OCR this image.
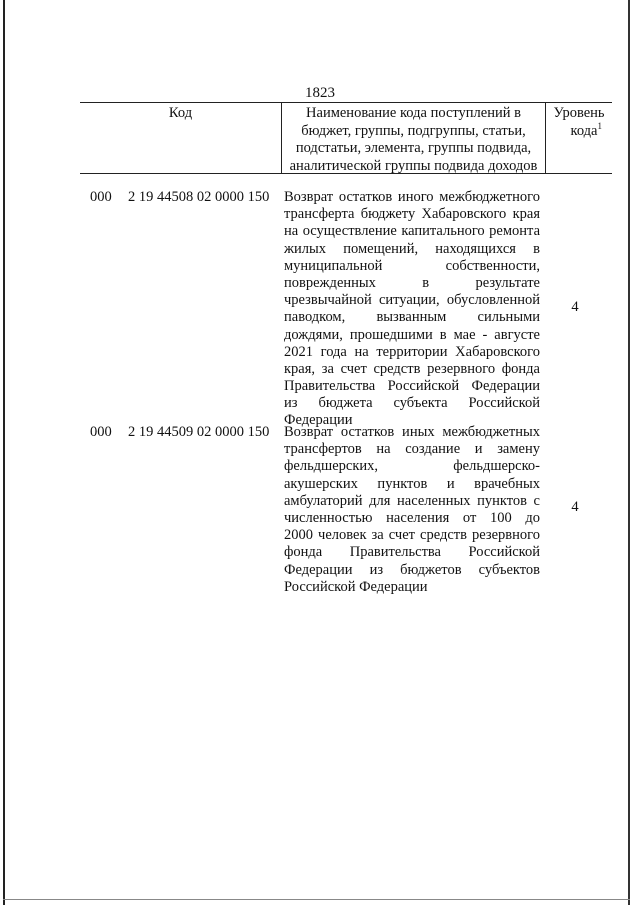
1823
Код	Наименование кода поступлений в

бюджет, группы, подгруппы, статьи,

подстатьи, элемента, группы подвида,

аналитической группы подвида доходов

Уровень

кода$^1$

000 2 19 44508 02 0000 150 Возврат остатков иного межбюджетного
трансферта бюджету Хабаровского края
на осуществление капитального ремонта
жилых помещений, находящихся в
муниципальной собственности,
поврежденных в результате
чрезвычайной ситуации, обусловленной
паводком, вызванным сильными
дождями, прошедшими в мае - августе
2021 года на территории Хабаровского
края, за счет средств резервного фонда
Правительства Российской Федерации
из бюджета субъекта Российской
Федерации
4
000 2 19 44509 02 0000 150 Возврат остатков иных межбюджетных
трансфертов на создание и замену
фельдшерских, фельдшерско-
акушерских пунктов и врачебных
амбулаторий для населенных пунктов с
численностью населения от 100 до
2000 человек за счет средств резервного
фонда Правительства Российской
Федерации из бюджетов субъектов
Российской Федерации
4
